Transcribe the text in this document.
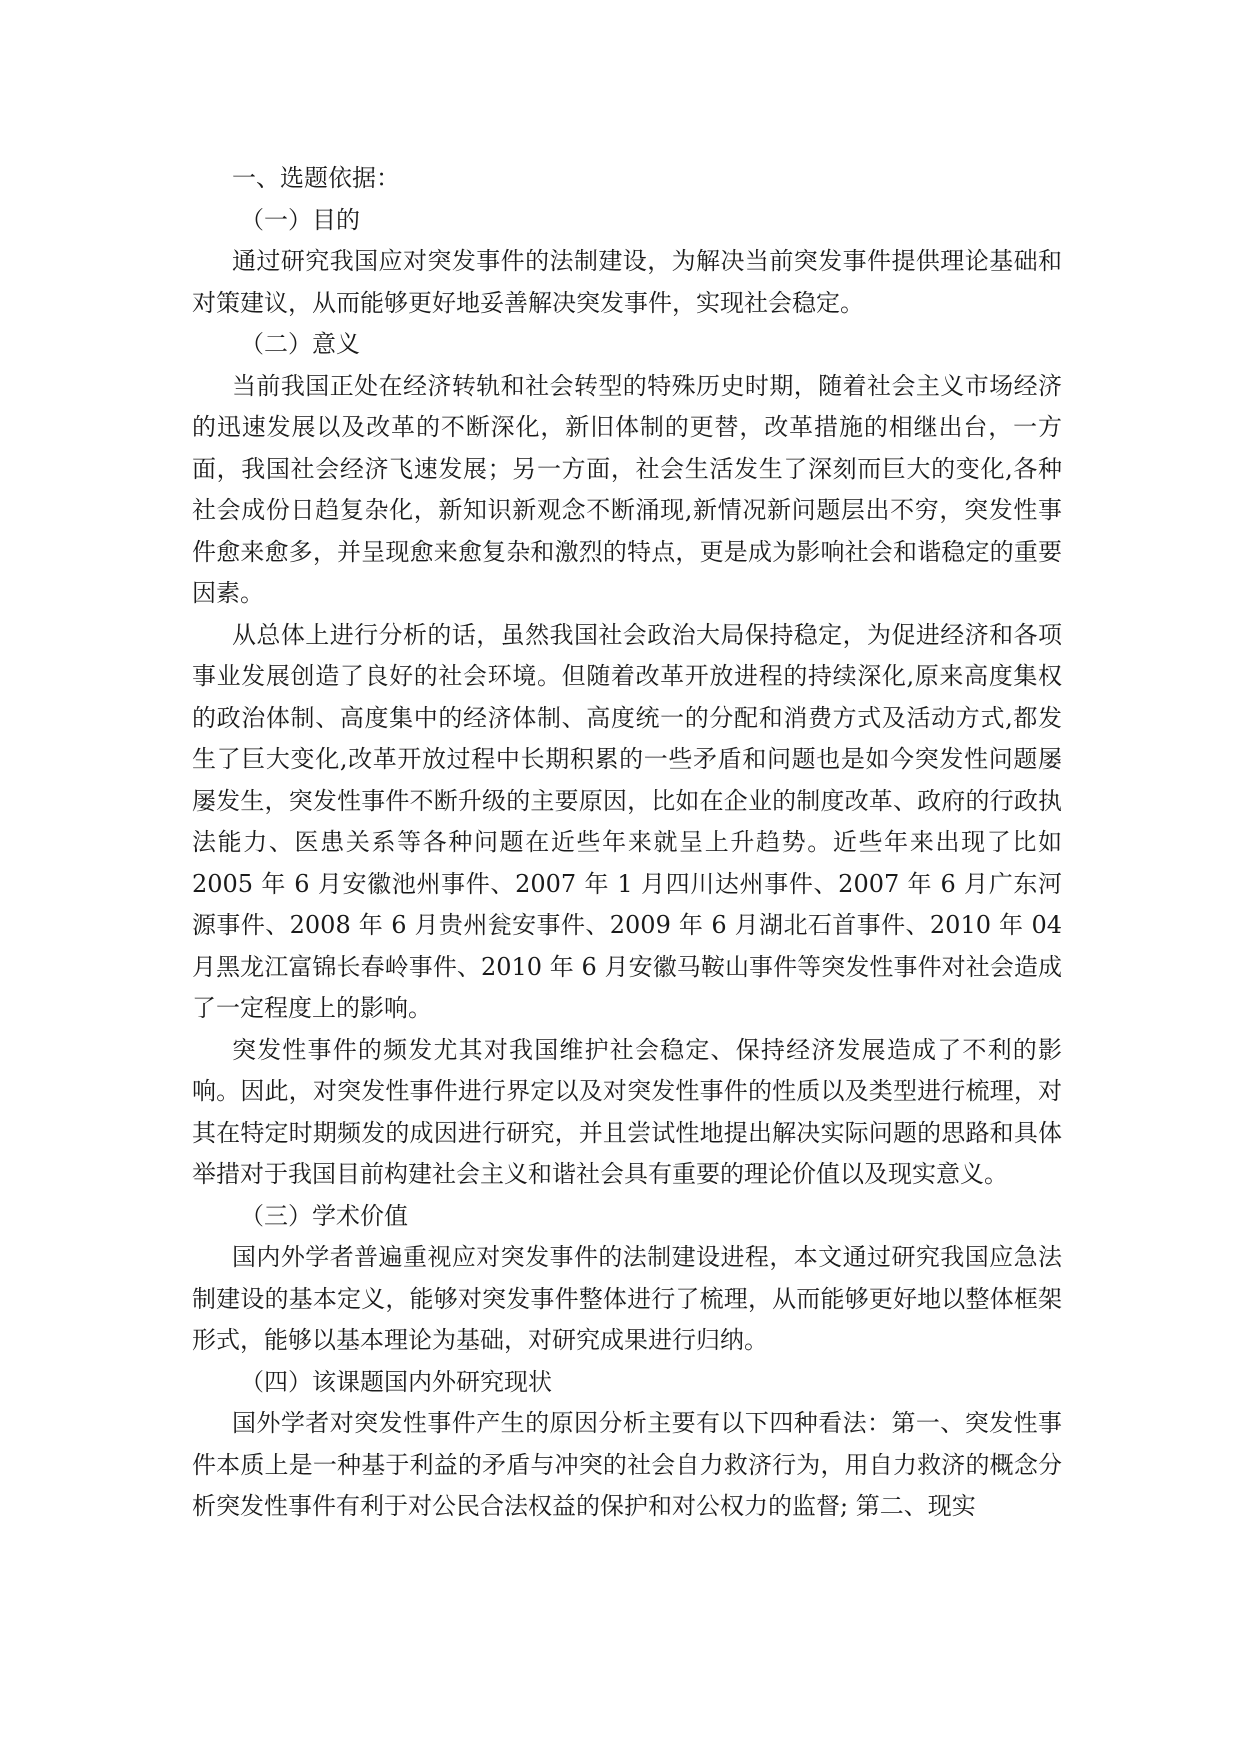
一、选题依据：

（一）目的

通过研究我国应对突发事件的法制建设，为解决当前突发事件提供理论基础和对策建议，从而能够更好地妥善解决突发事件，实现社会稳定。

（二）意义

当前我国正处在经济转轨和社会转型的特殊历史时期，随着社会主义市场经济的迅速发展以及改革的不断深化，新旧体制的更替，改革措施的相继出台，一方面，我国社会经济飞速发展；另一方面，社会生活发生了深刻而巨大的变化,各种社会成份日趋复杂化，新知识新观念不断涌现,新情况新问题层出不穷，突发性事件愈来愈多，并呈现愈来愈复杂和激烈的特点，更是成为影响社会和谐稳定的重要因素。

从总体上进行分析的话，虽然我国社会政治大局保持稳定，为促进经济和各项事业发展创造了良好的社会环境。但随着改革开放进程的持续深化,原来高度集权的政治体制、高度集中的经济体制、高度统一的分配和消费方式及活动方式,都发生了巨大变化,改革开放过程中长期积累的一些矛盾和问题也是如今突发性问题屡屡发生，突发性事件不断升级的主要原因，比如在企业的制度改革、政府的行政执法能力、医患关系等各种问题在近些年来就呈上升趋势。近些年来出现了比如 2005 年 6 月安徽池州事件、2007 年 1 月四川达州事件、2007 年 6 月广东河源事件、2008 年 6 月贵州瓮安事件、2009 年 6 月湖北石首事件、2010 年 04 月黑龙江富锦长春岭事件、2010 年 6 月安徽马鞍山事件等突发性事件对社会造成了一定程度上的影响。

突发性事件的频发尤其对我国维护社会稳定、保持经济发展造成了不利的影响。因此，对突发性事件进行界定以及对突发性事件的性质以及类型进行梳理，对其在特定时期频发的成因进行研究，并且尝试性地提出解决实际问题的思路和具体举措对于我国目前构建社会主义和谐社会具有重要的理论价值以及现实意义。

（三）学术价值

国内外学者普遍重视应对突发事件的法制建设进程，本文通过研究我国应急法制建设的基本定义，能够对突发事件整体进行了梳理，从而能够更好地以整体框架形式，能够以基本理论为基础，对研究成果进行归纳。

（四）该课题国内外研究现状

国外学者对突发性事件产生的原因分析主要有以下四种看法：第一、突发性事件本质上是一种基于利益的矛盾与冲突的社会自力救济行为，用自力救济的概念分析突发性事件有利于对公民合法权益的保护和对公权力的监督; 第二、现实
